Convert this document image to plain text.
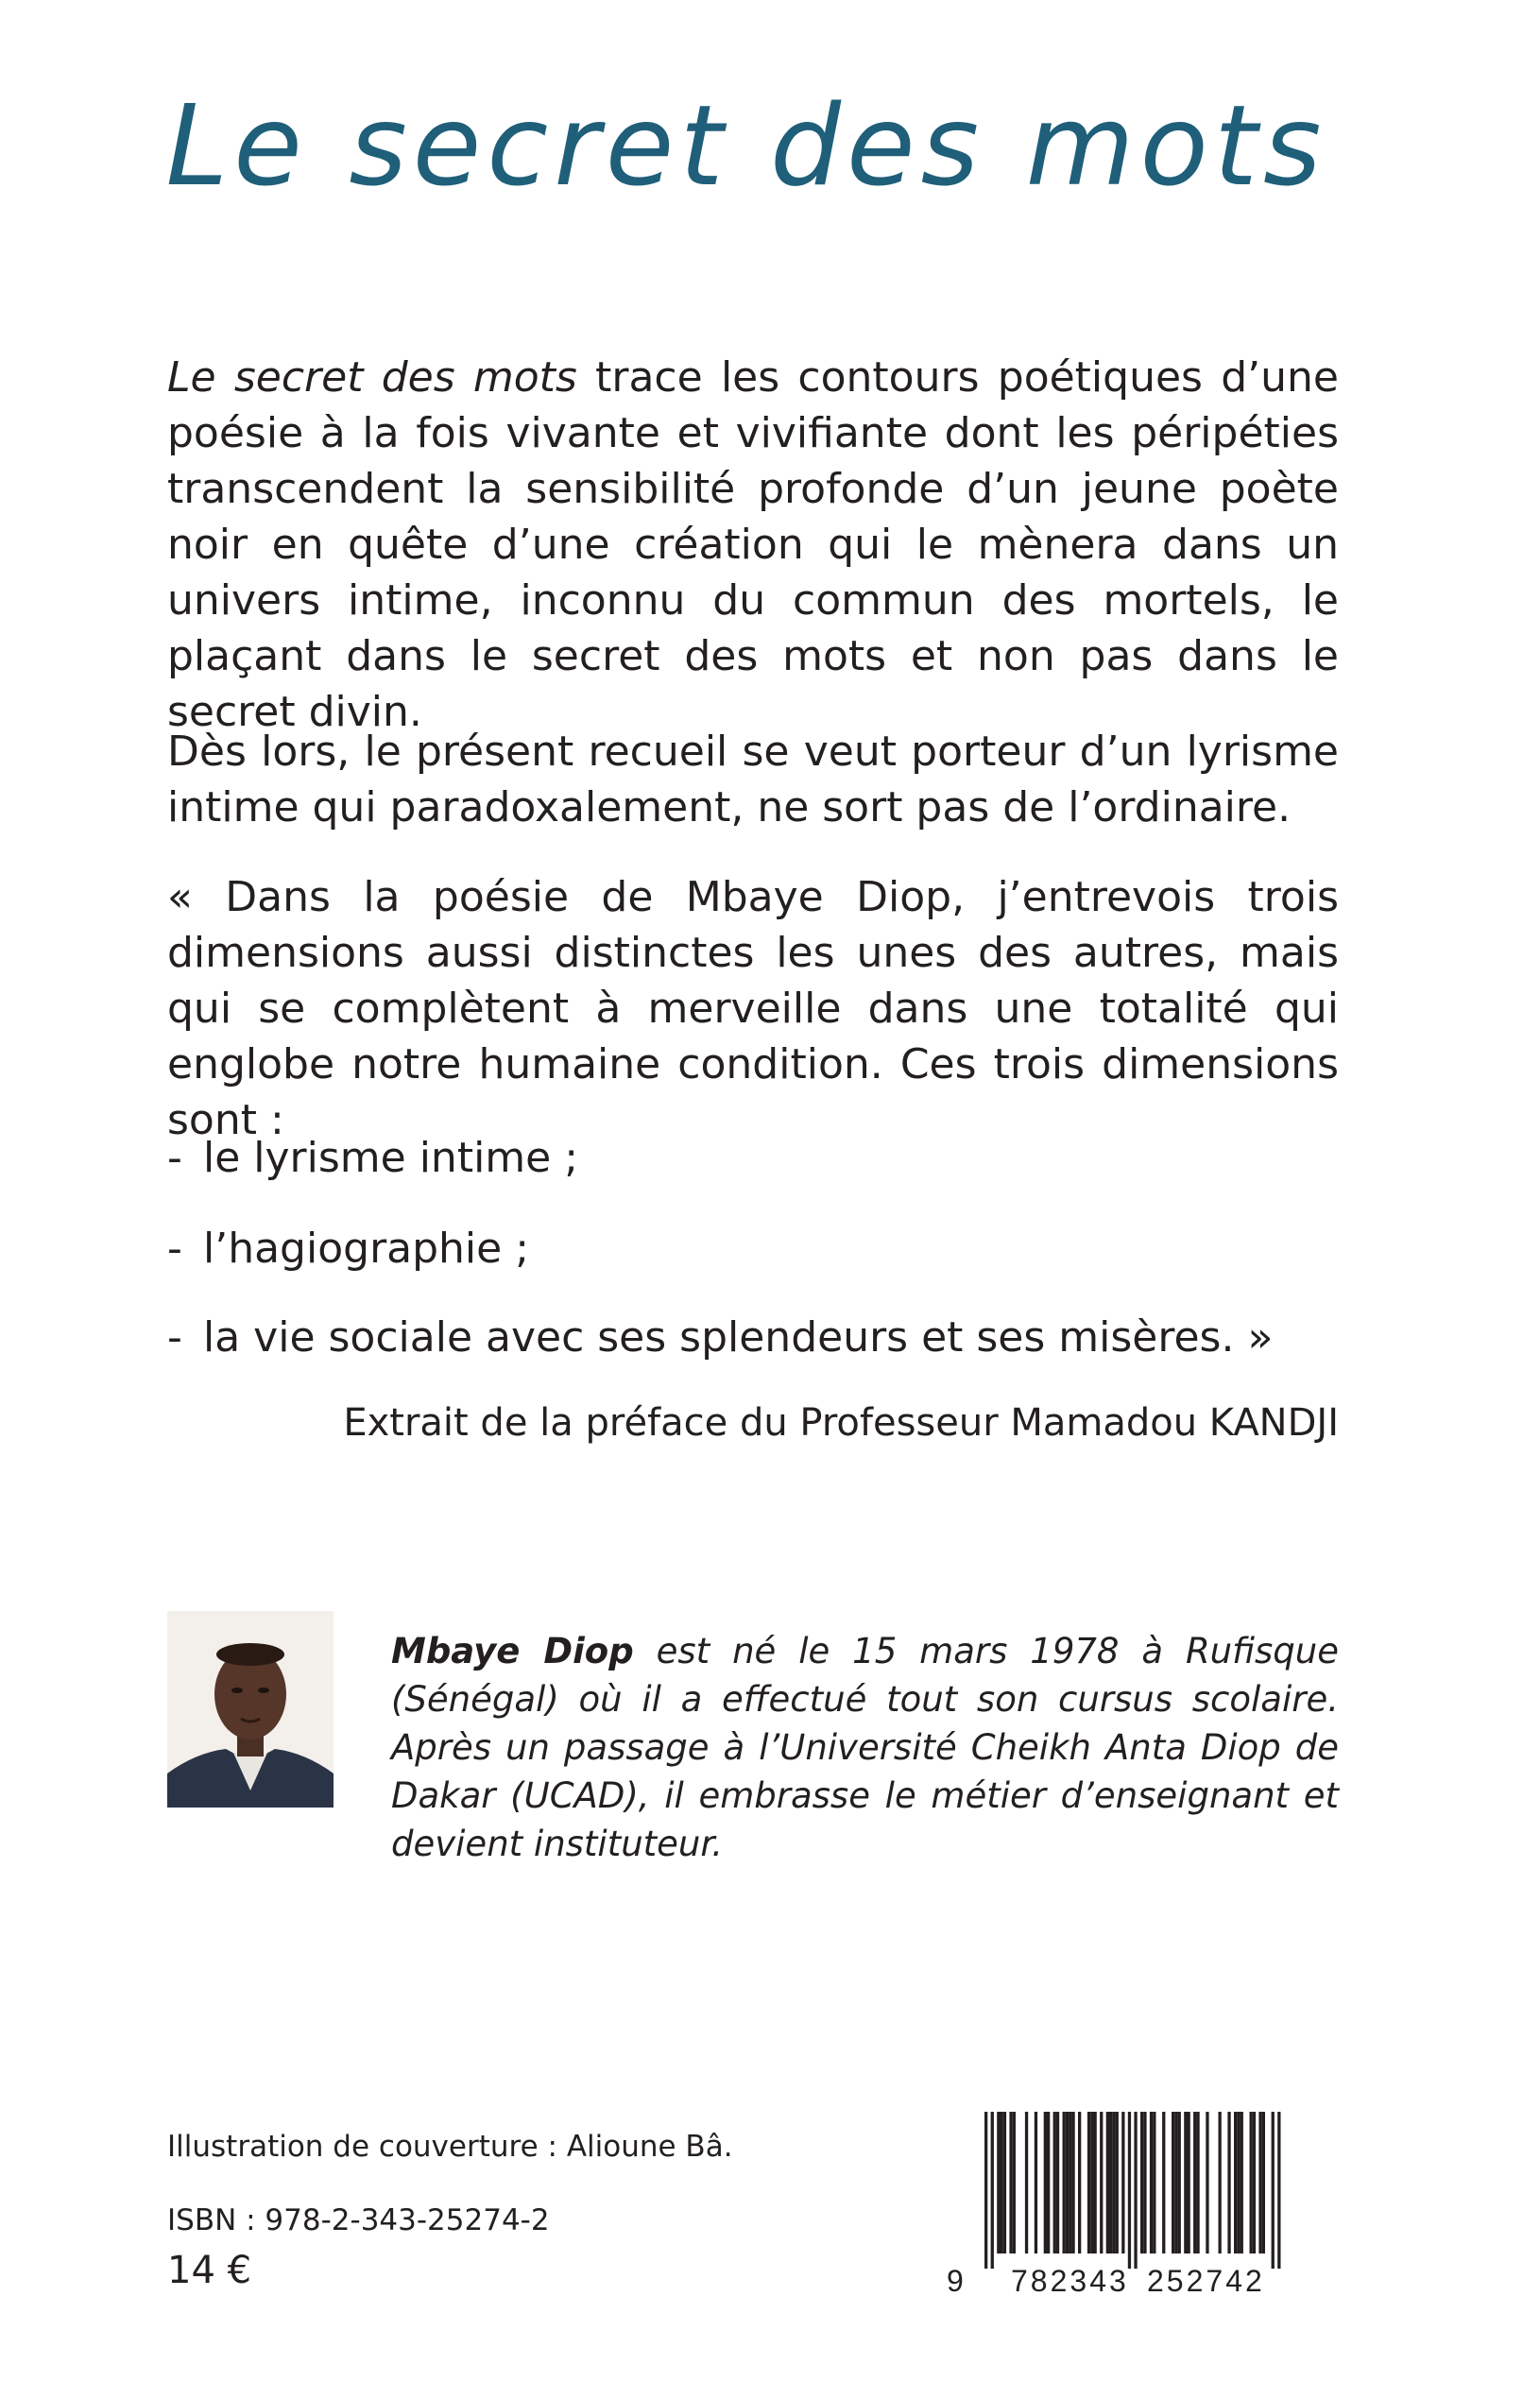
Le secret des mots
Le secret des mots trace les contours poétiques d’une poésie à la fois vivante et vivifiante dont les péripéties transcendent la sensibilité profonde d’un jeune poète noir en quête d’une création qui le mènera dans un univers intime, inconnu du commun des mortels, le plaçant dans le secret des mots et non pas dans le secret divin.
Dès lors, le présent recueil se veut porteur d’un lyrisme intime qui paradoxalement, ne sort pas de l’ordinaire.
« Dans la poésie de Mbaye Diop, j’entrevois trois dimensions aussi distinctes les unes des autres, mais qui se complètent à merveille dans une totalité qui englobe notre humaine condition. Ces trois dimensions sont :
- le lyrisme intime ;
- l’hagiographie ;
- la vie sociale avec ses splendeurs et ses misères. »
Extrait de la préface du Professeur Mamadou KANDJI
Mbaye Diop est né le 15 mars 1978 à Rufisque (Sénégal) où il a effectué tout son cursus scolaire. Après un passage à l’Université Cheikh Anta Diop de Dakar (UCAD), il embrasse le métier d’enseignant et devient instituteur.
Illustration de couverture : Alioune Bâ.
ISBN : 978-2-343-25274-2
14 €	9 782343 252742
